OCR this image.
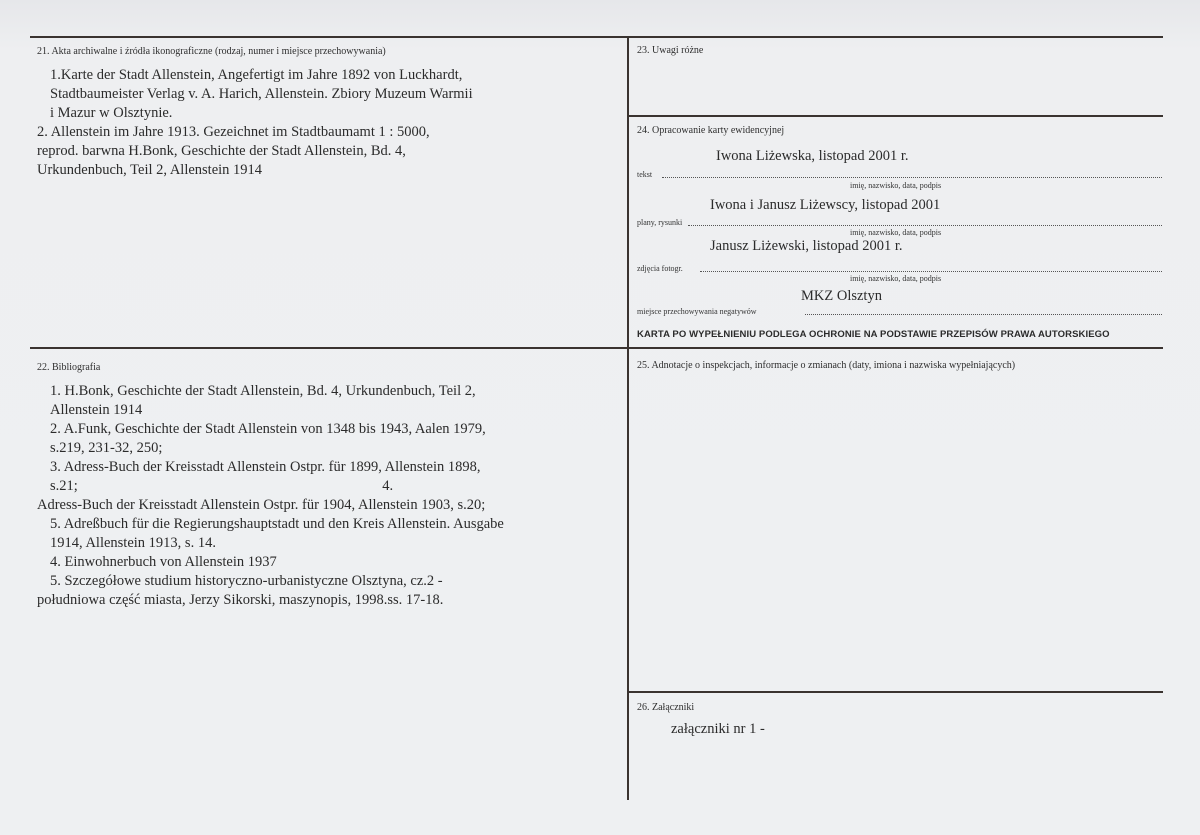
21. Akta archiwalne i źródła ikonograficzne (rodzaj, numer i miejsce przechowywania)
1.Karte der Stadt Allenstein, Angefertigt im Jahre 1892 von Luckhardt,
Stadtbaumeister Verlag v. A. Harich, Allenstein. Zbiory Muzeum Warmii
i Mazur w Olsztynie.
2. Allenstein im Jahre 1913. Gezeichnet im Stadtbaumamt 1 : 5000,
reprod. barwna H.Bonk, Geschichte der Stadt Allenstein, Bd. 4,
Urkundenbuch, Teil 2, Allenstein 1914
22. Bibliografia
1. H.Bonk, Geschichte der Stadt Allenstein, Bd. 4, Urkundenbuch, Teil 2,
Allenstein 1914
2. A.Funk, Geschichte der Stadt Allenstein von 1348 bis 1943, Aalen 1979,
s.219, 231-32, 250;
3. Adress-Buch der Kreisstadt Allenstein Ostpr. für 1899, Allenstein 1898,
s.21;                                                                                    4.
Adress-Buch der Kreisstadt Allenstein Ostpr. für 1904, Allenstein 1903, s.20;
5. Adreßbuch für die Regierungshauptstadt und den Kreis Allenstein. Ausgabe
1914, Allenstein 1913, s. 14.
4. Einwohnerbuch von Allenstein 1937
5. Szczegółowe studium historyczno-urbanistyczne Olsztyna, cz.2 -
południowa część miasta, Jerzy Sikorski, maszynopis, 1998.ss. 17-18.
23. Uwagi różne
24. Opracowanie karty ewidencyjnej
Iwona Liżewska, listopad 2001 r.
tekst
imię, nazwisko, data, podpis
Iwona i Janusz Liżewscy, listopad 2001
plany, rysunki
imię, nazwisko, data, podpis
Janusz Liżewski, listopad 2001 r.
zdjęcia fotogr.
imię, nazwisko, data, podpis
MKZ Olsztyn
miejsce przechowywania negatywów
KARTA PO WYPEŁNIENIU PODLEGA OCHRONIE NA PODSTAWIE PRZEPISÓW PRAWA AUTORSKIEGO
25. Adnotacje o inspekcjach, informacje o zmianach (daty, imiona i nazwiska wypełniających)
26. Załączniki
załączniki nr 1 -
